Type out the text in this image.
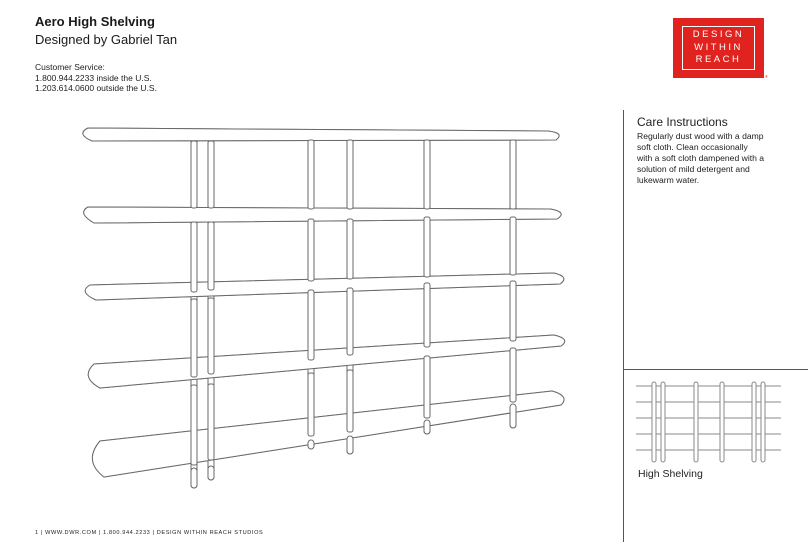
Aero High Shelving
Designed by Gabriel Tan
Customer Service:
1.800.944.2233 inside the U.S.
1.203.614.0600 outside the U.S.
DESIGN
WITHIN
REACH
®
Care Instructions
Regularly dust wood with a damp soft cloth. Clean occasionally with a soft cloth dampened with a solution of mild detergent and lukewarm water.
High Shelving
1 | WWW.DWR.COM | 1.800.944.2233 | DESIGN WITHIN REACH STUDIOS
